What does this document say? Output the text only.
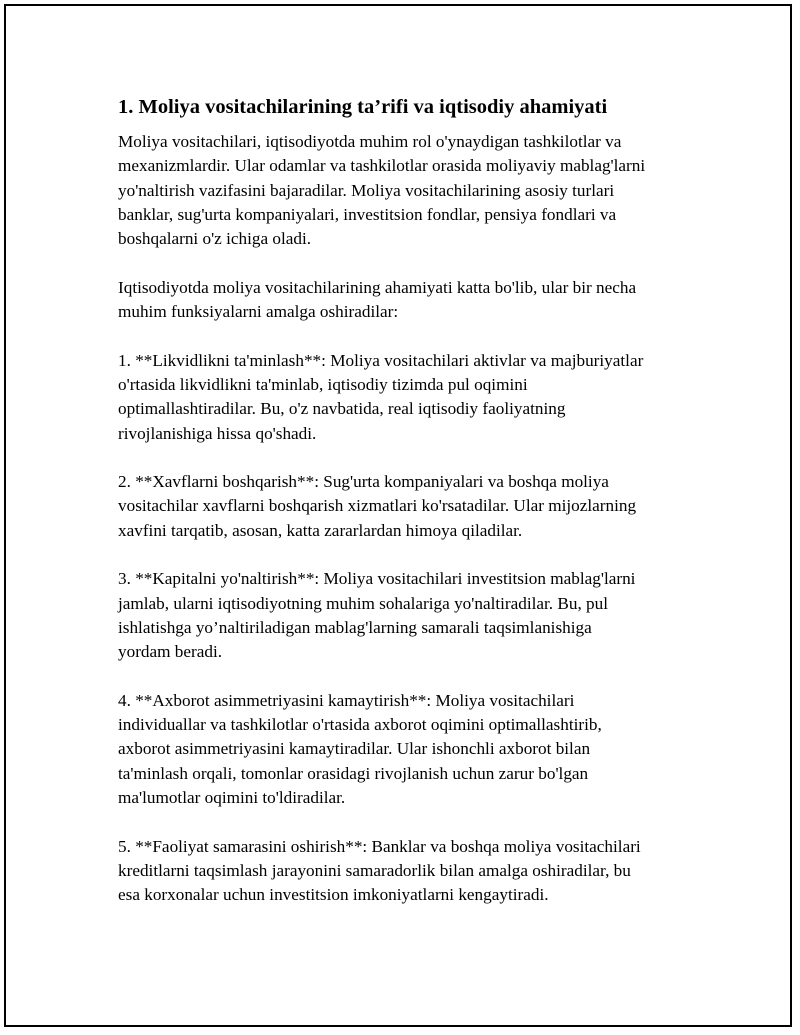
1. Moliya vositachilarining ta’rifi va iqtisodiy ahamiyati

Moliya vositachilari, iqtisodiyotda muhim rol o'ynaydigan tashkilotlar va
mexanizmlardir. Ular odamlar va tashkilotlar orasida moliyaviy mablag'larni
yo'naltirish vazifasini bajaradilar. Moliya vositachilarining asosiy turlari
banklar, sug'urta kompaniyalari, investitsion fondlar, pensiya fondlari va
boshqalarni o'z ichiga oladi.

Iqtisodiyotda moliya vositachilarining ahamiyati katta bo'lib, ular bir necha
muhim funksiyalarni amalga oshiradilar:

1. **Likvidlikni ta'minlash**: Moliya vositachilari aktivlar va majburiyatlar
o'rtasida likvidlikni ta'minlab, iqtisodiy tizimda pul oqimini
optimallashtiradilar. Bu, o'z navbatida, real iqtisodiy faoliyatning
rivojlanishiga hissa qo'shadi.

2. **Xavflarni boshqarish**: Sug'urta kompaniyalari va boshqa moliya
vositachilar xavflarni boshqarish xizmatlari ko'rsatadilar. Ular mijozlarning
xavfini tarqatib, asosan, katta zararlardan himoya qiladilar.

3. **Kapitalni yo'naltirish**: Moliya vositachilari investitsion mablag'larni
jamlab, ularni iqtisodiyotning muhim sohalariga yo'naltiradilar. Bu, pul
ishlatishga yo’naltiriladigan mablag'larning samarali taqsimlanishiga
yordam beradi.

4. **Axborot asimmetriyasini kamaytirish**: Moliya vositachilari
individuallar va tashkilotlar o'rtasida axborot oqimini optimallashtirib,
axborot asimmetriyasini kamaytiradilar. Ular ishonchli axborot bilan
ta'minlash orqali, tomonlar orasidagi rivojlanish uchun zarur bo'lgan
ma'lumotlar oqimini to'ldiradilar.

5. **Faoliyat samarasini oshirish**: Banklar va boshqa moliya vositachilari
kreditlarni taqsimlash jarayonini samaradorlik bilan amalga oshiradilar, bu
esa korxonalar uchun investitsion imkoniyatlarni kengaytiradi.
